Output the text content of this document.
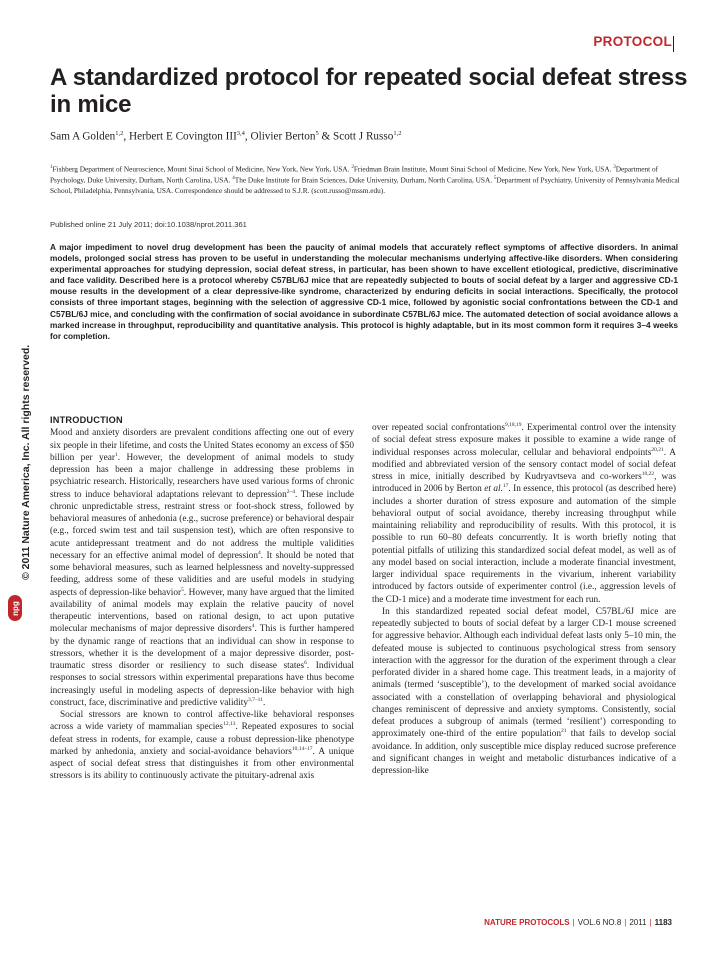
PROTOCOL
A standardized protocol for repeated social defeat stress in mice
Sam A Golden$^{1,2}$, Herbert E Covington III$^{3,4}$, Olivier Berton$^5$ & Scott J Russo$^{1,2}$
$^1$Fishberg Department of Neuroscience, Mount Sinai School of Medicine, New York, New York, USA. $^2$Friedman Brain Institute, Mount Sinai School of Medicine, New York, New York, USA. $^3$Department of Psychology, Duke University, Durham, North Carolina, USA. $^4$The Duke Institute for Brain Sciences, Duke University, Durham, North Carolina, USA. $^5$Department of Psychiatry, University of Pennsylvania Medical School, Philadelphia, Pennsylvania, USA. Correspondence should be addressed to S.J.R. (scott.russo@mssm.edu).
Published online 21 July 2011; doi:10.1038/nprot.2011.361
A major impediment to novel drug development has been the paucity of animal models that accurately reflect symptoms of affective disorders. In animal models, prolonged social stress has proven to be useful in understanding the molecular mechanisms underlying affective-like disorders. When considering experimental approaches for studying depression, social defeat stress, in particular, has been shown to have excellent etiological, predictive, discriminative and face validity. Described here is a protocol whereby C57BL/6J mice that are repeatedly subjected to bouts of social defeat by a larger and aggressive CD-1 mouse results in the development of a clear depressive-like syndrome, characterized by enduring deficits in social interactions. Specifically, the protocol consists of three important stages, beginning with the selection of aggressive CD-1 mice, followed by agonistic social confrontations between the CD-1 and C57BL/6J mice, and concluding with the confirmation of social avoidance in subordinate C57BL/6J mice. The automated detection of social avoidance allows a marked increase in throughput, reproducibility and quantitative analysis. This protocol is highly adaptable, but in its most common form it requires 3–4 weeks for completion.
INTRODUCTION

Mood and anxiety disorders are prevalent conditions affecting one out of every six people in their lifetime, and costs the United States economy an excess of $50 billion per year$^1$. However, the development of animal models to study depression has been a major challenge in addressing these problems in psychiatric research. Historically, researchers have used various forms of chronic stress to induce behavioral adaptations relevant to depression$^{2-4}$. These include chronic unpredictable stress, restraint stress or foot-shock stress, followed by behavioral measures of anhedonia (e.g., sucrose preference) or behavioral despair (e.g., forced swim test and tail suspension test), which are often responsive to acute antidepressant treatment and do not address the multiple validities necessary for an effective animal model of depression$^4$. It should be noted that some behavioral measures, such as learned helplessness and novelty-suppressed feeding, address some of these validities and are useful models in studying aspects of depression-like behavior$^5$. However, many have argued that the limited availability of animal models may explain the relative paucity of novel therapeutic interventions, based on rational design, to act upon putative molecular mechanisms of major depressive disorders$^4$. This is further hampered by the dynamic range of reactions that an individual can show in response to stressors, whether it is the development of a major depressive disorder, post-traumatic stress disorder or resiliency to such disease states$^6$. Individual responses to social stressors within experimental preparations have thus become increasingly useful in modeling aspects of depression-like behavior with high construct, face, discriminative and predictive validity$^{3,7-11}$.

Social stressors are known to control affective-like behavioral responses across a wide variety of mammalian species$^{12,13}$. Repeated exposures to social defeat stress in rodents, for example, cause a robust depression-like phenotype marked by anhedonia, anxiety and social-avoidance behaviors$^{10,14-17}$. A unique aspect of social defeat stress that distinguishes it from other environmental stressors is its ability to continuously activate the pituitary-adrenal axis

over repeated social confrontations$^{9,18,19}$. Experimental control over the intensity of social defeat stress exposure makes it possible to examine a wide range of individual responses across molecular, cellular and behavioral endpoints$^{20,21}$. A modified and abbreviated version of the sensory contact model of social defeat stress in mice, initially described by Kudryavtseva and co-workers$^{10,22}$, was introduced in 2006 by Berton et al.$^{17}$. In essence, this protocol (as described here) includes a shorter duration of stress exposure and automation of the simple behavioral output of social avoidance, thereby increasing throughput while maintaining reliability and reproducibility of results. With this protocol, it is possible to run 60–80 defeats concurrently. It is worth briefly noting that potential pitfalls of utilizing this standardized social defeat model, as well as of any model based on social interaction, include a moderate financial investment, larger individual space requirements in the vivarium, inherent variability introduced by factors outside of experimenter control (i.e., aggression levels of the CD-1 mice) and a moderate time investment for each run.

In this standardized repeated social defeat model, C57BL/6J mice are repeatedly subjected to bouts of social defeat by a larger CD-1 mouse screened for aggressive behavior. Although each individual defeat lasts only 5–10 min, the defeated mouse is subjected to continuous psychological stress from sensory interaction with the aggressor for the duration of the experiment through a clear perforated divider in a shared home cage. This treatment leads, in a majority of animals (termed ‘susceptible’), to the development of marked social avoidance associated with a constellation of overlapping behavioral and physiological changes reminiscent of depressive and anxiety symptoms. Consistently, social defeat produces a subgroup of animals (termed ‘resilient’) corresponding to approximately one-third of the entire population$^{21}$ that fails to develop social avoidance. In addition, only susceptible mice display reduced sucrose preference and significant changes in weight and metabolic disturbances indicative of a depression-like

© 2011 Nature America, Inc. All rights reserved.
npg
NATURE PROTOCOLS | VOL.6 NO.8 | 2011 | 1183
